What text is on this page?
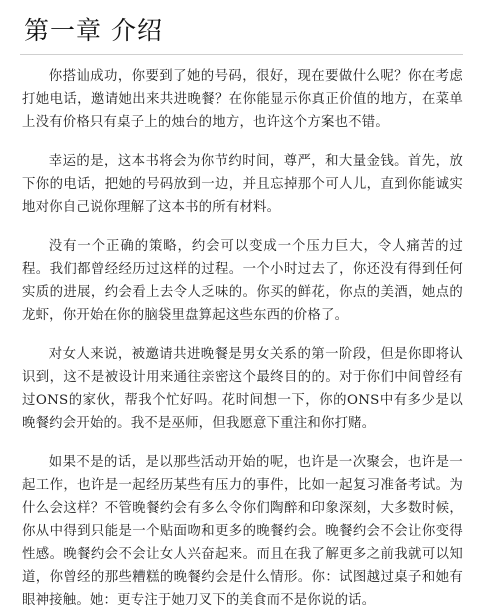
第一章 介绍

你搭讪成功，你要到了她的号码，很好，现在要做什么呢？你在考虑打她电话，邀请她出来共进晚餐？在你能显示你真正价值的地方，在菜单上没有价格只有桌子上的烛台的地方，也许这个方案也不错。

幸运的是，这本书将会为你节约时间，尊严，和大量金钱。首先，放下你的电话，把她的号码放到一边，并且忘掉那个可人儿，直到你能诚实地对你自己说你理解了这本书的所有材料。

没有一个正确的策略，约会可以变成一个压力巨大，令人痛苦的过程。我们都曾经经历过这样的过程。一个小时过去了，你还没有得到任何实质的进展，约会看上去令人乏味的。你买的鲜花，你点的美酒，她点的龙虾，你开始在你的脑袋里盘算起这些东西的价格了。

对女人来说，被邀请共进晚餐是男女关系的第一阶段，但是你即将认识到，这不是被设计用来通往亲密这个最终目的的。对于你们中间曾经有过ONS的家伙，帮我个忙好吗。花时间想一下，你的ONS中有多少是以晚餐约会开始的。我不是巫师，但我愿意下重注和你打赌。

如果不是的话，是以那些活动开始的呢，也许是一次聚会，也许是一起工作，也许是一起经历某些有压力的事件，比如一起复习准备考试。为什么会这样？不管晚餐约会有多么令你们陶醉和印象深刻，大多数时候，你从中得到只能是一个贴面吻和更多的晚餐约会。晚餐约会不会让你变得性感。晚餐约会不会让女人兴奋起来。而且在我了解更多之前我就可以知道，你曾经的那些糟糕的晚餐约会是什么情形。你：试图越过桌子和她有眼神接触。她：更专注于她刀叉下的美食而不是你说的话。
